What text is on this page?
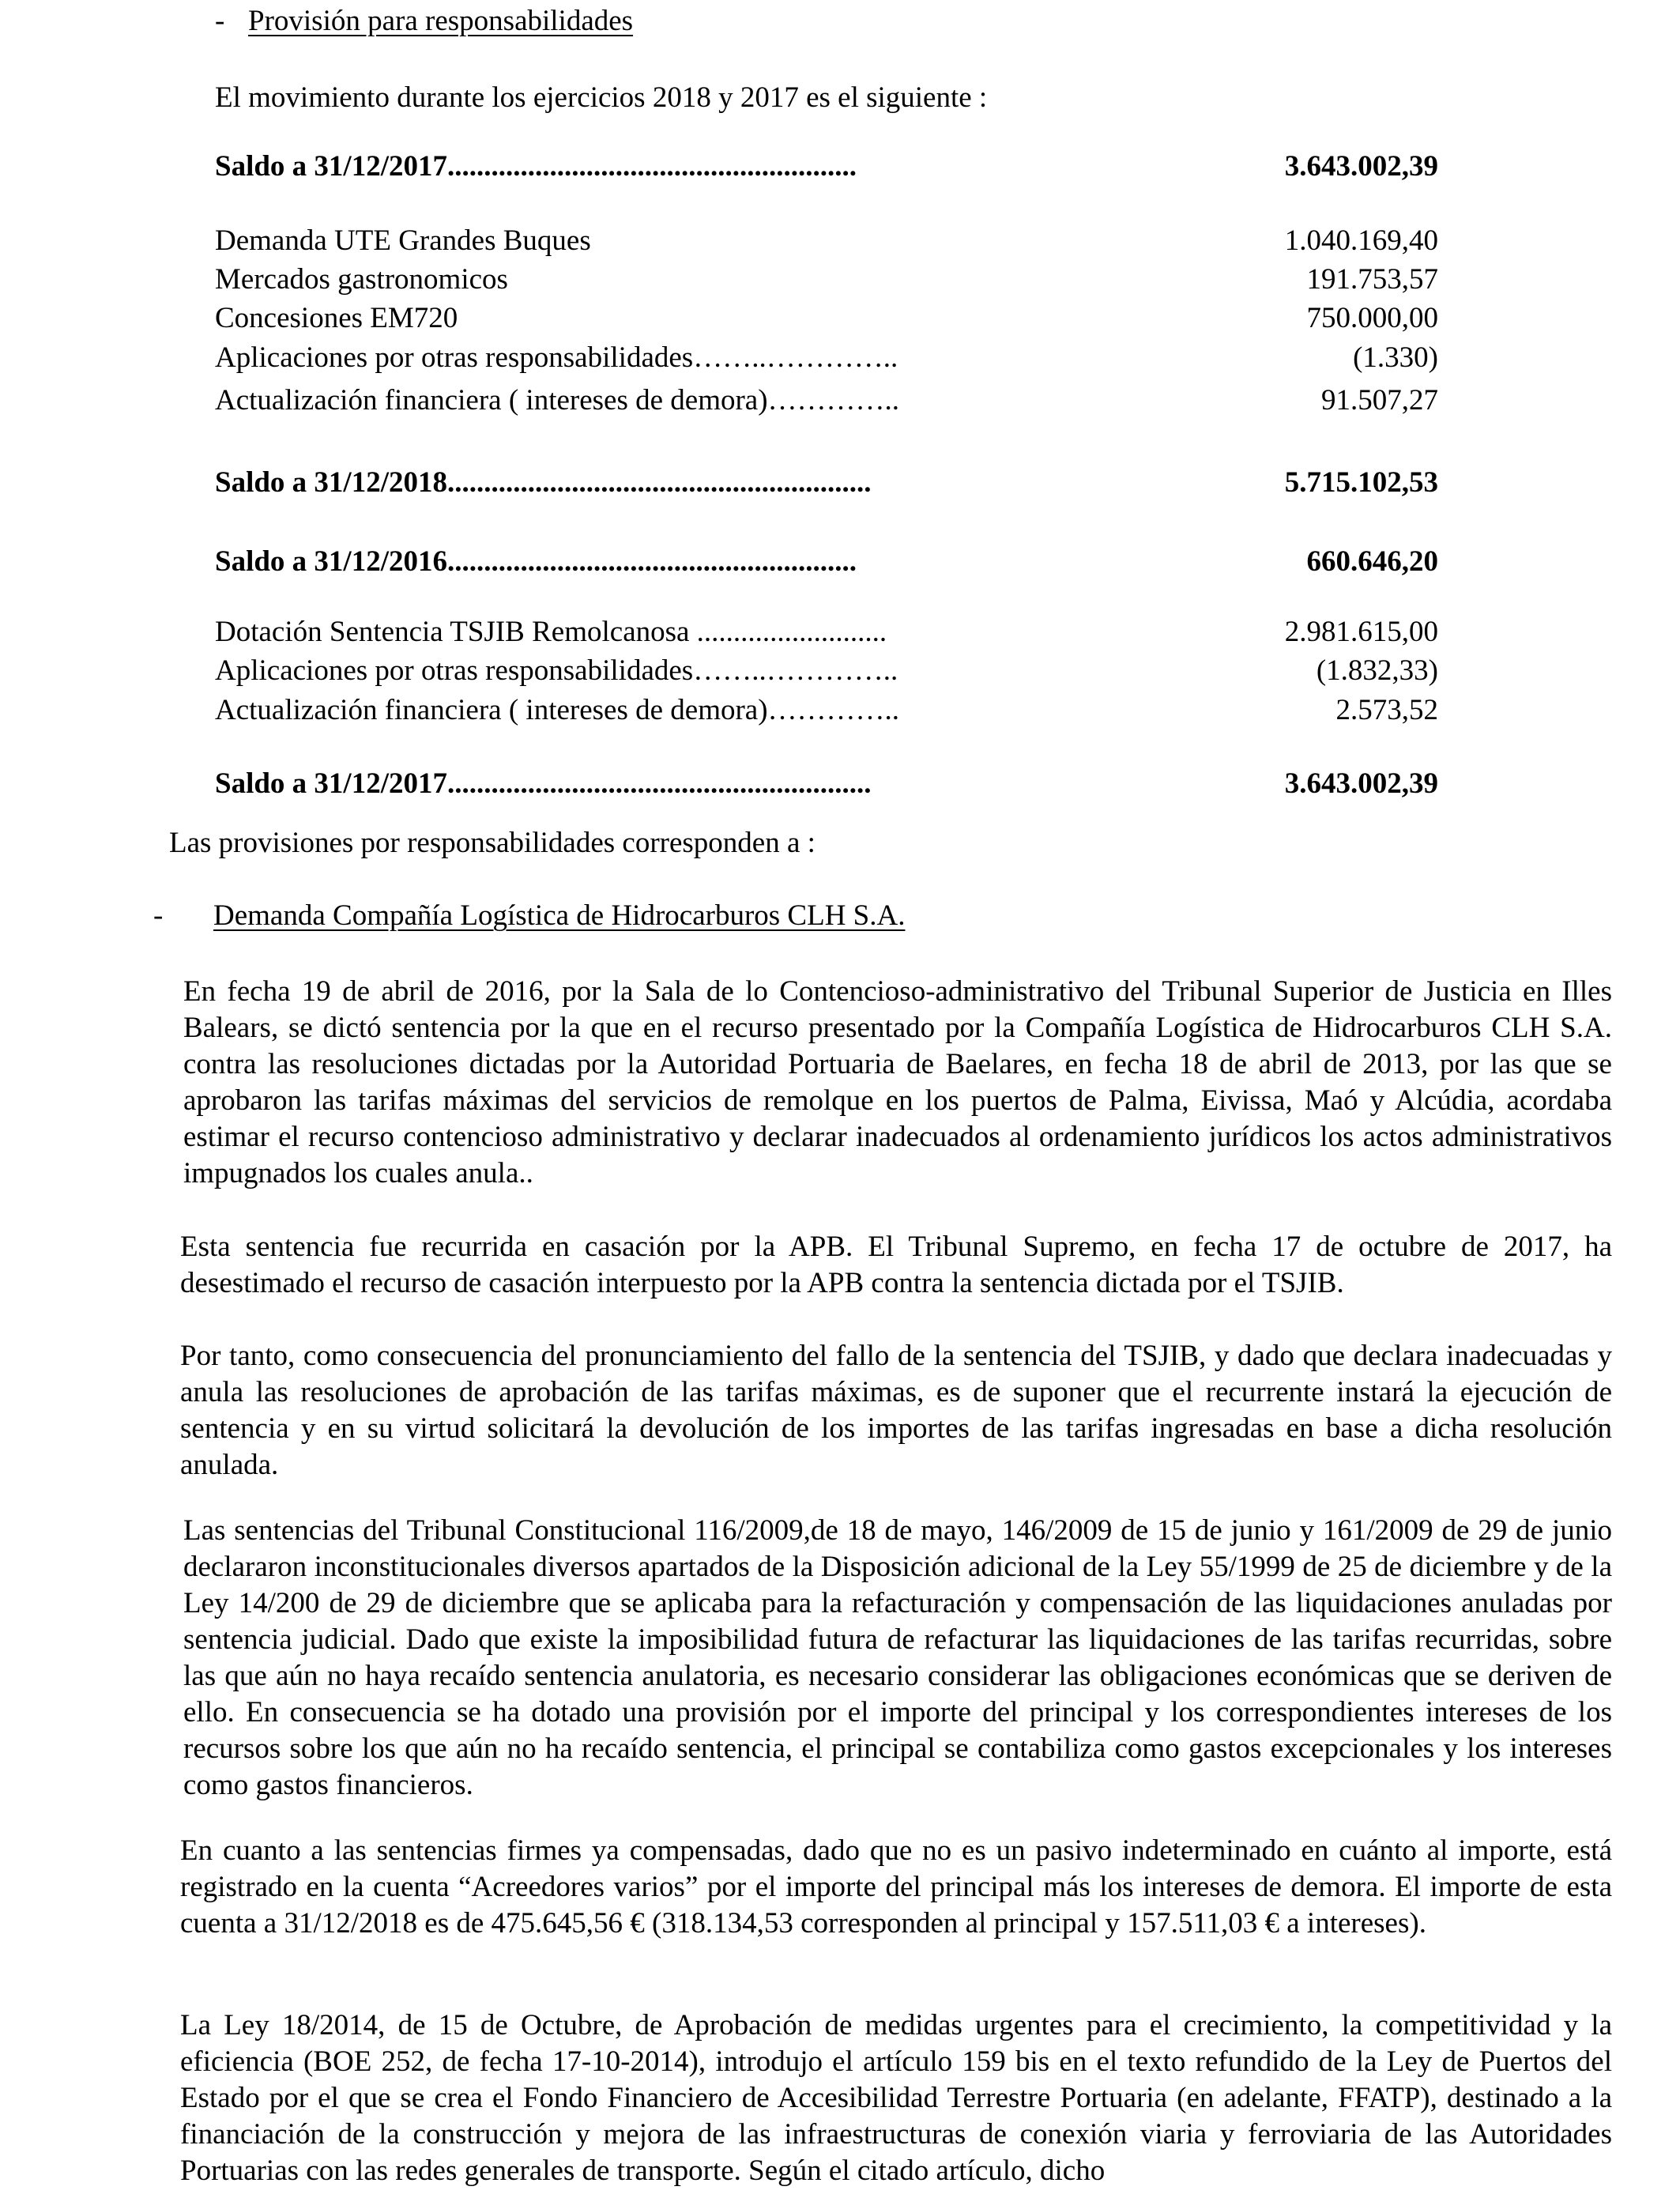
- Provisión para responsabilidades
El movimiento durante los ejercicios 2018 y 2017 es el siguiente :
Saldo a 31/12/2017........................................................	3.643.002,39
Demanda UTE Grandes Buques	1.040.169,40
Mercados gastronomicos	191.753,57
Concesiones EM720	750.000,00
Aplicaciones por otras responsabilidades……..…………..	(1.330)
Actualización financiera ( intereses de demora)…………..	91.507,27
Saldo a 31/12/2018..........................................................	5.715.102,53
Saldo a 31/12/2016........................................................	660.646,20
Dotación Sentencia TSJIB Remolcanosa ..........................	2.981.615,00
Aplicaciones por otras responsabilidades……..…………..	(1.832,33)
Actualización financiera ( intereses de demora)…………..	2.573,52
Saldo a 31/12/2017..........................................................	3.643.002,39
Las provisiones por responsabilidades corresponden a :
- Demanda Compañía Logística de Hidrocarburos CLH S.A.
En fecha 19 de abril de 2016, por la Sala de lo Contencioso-administrativo del Tribunal Superior de Justicia en Illes Balears, se dictó sentencia por la que en el recurso presentado por la Compañía Logística de Hidrocarburos CLH S.A. contra las resoluciones dictadas por la Autoridad Portuaria de Baelares, en fecha 18 de abril de 2013, por las que se aprobaron las tarifas máximas del servicios de remolque en los puertos de Palma, Eivissa, Maó y Alcúdia, acordaba estimar el recurso contencioso administrativo y declarar inadecuados al ordenamiento jurídicos los actos administrativos impugnados los cuales anula..
Esta sentencia fue recurrida en casación por la APB. El Tribunal Supremo, en fecha 17 de octubre de 2017, ha desestimado el recurso de casación interpuesto por la APB contra la sentencia dictada por el TSJIB.
Por tanto, como consecuencia del pronunciamiento del fallo de la sentencia del TSJIB, y dado que declara inadecuadas y anula las resoluciones de aprobación de las tarifas máximas, es de suponer que el recurrente instará la ejecución de sentencia y en su virtud solicitará la devolución de los importes de las tarifas ingresadas en base a dicha resolución anulada.
Las sentencias del Tribunal Constitucional 116/2009,de 18 de mayo, 146/2009 de 15 de junio y 161/2009 de 29 de junio declararon inconstitucionales diversos apartados de la Disposición adicional de la Ley 55/1999 de 25 de diciembre y de la Ley 14/200 de 29 de diciembre que se aplicaba para la refacturación y compensación de las liquidaciones anuladas por sentencia judicial. Dado que existe la imposibilidad futura de refacturar las liquidaciones de las tarifas recurridas, sobre las que aún no haya recaído sentencia anulatoria, es necesario considerar las obligaciones económicas que se deriven de ello. En consecuencia se ha dotado una provisión por el importe del principal y los correspondientes intereses de los recursos sobre los que aún no ha recaído sentencia, el principal se contabiliza como gastos excepcionales y los intereses como gastos financieros.
En cuanto a las sentencias firmes ya compensadas, dado que no es un pasivo indeterminado en cuánto al importe, está registrado en la cuenta “Acreedores varios” por el importe del principal más los intereses de demora. El importe de esta cuenta a 31/12/2018 es de 475.645,56 € (318.134,53 corresponden al principal y 157.511,03 € a intereses).
La Ley 18/2014, de 15 de Octubre, de Aprobación de medidas urgentes para el crecimiento, la competitividad y la eficiencia (BOE 252, de fecha 17-10-2014), introdujo el artículo 159 bis en el texto refundido de la Ley de Puertos del Estado por el que se crea el Fondo Financiero de Accesibilidad Terrestre Portuaria (en adelante, FFATP), destinado a la financiación de la construcción y mejora de las infraestructuras de conexión viaria y ferroviaria de las Autoridades Portuarias con las redes generales de transporte. Según el citado artículo, dicho
